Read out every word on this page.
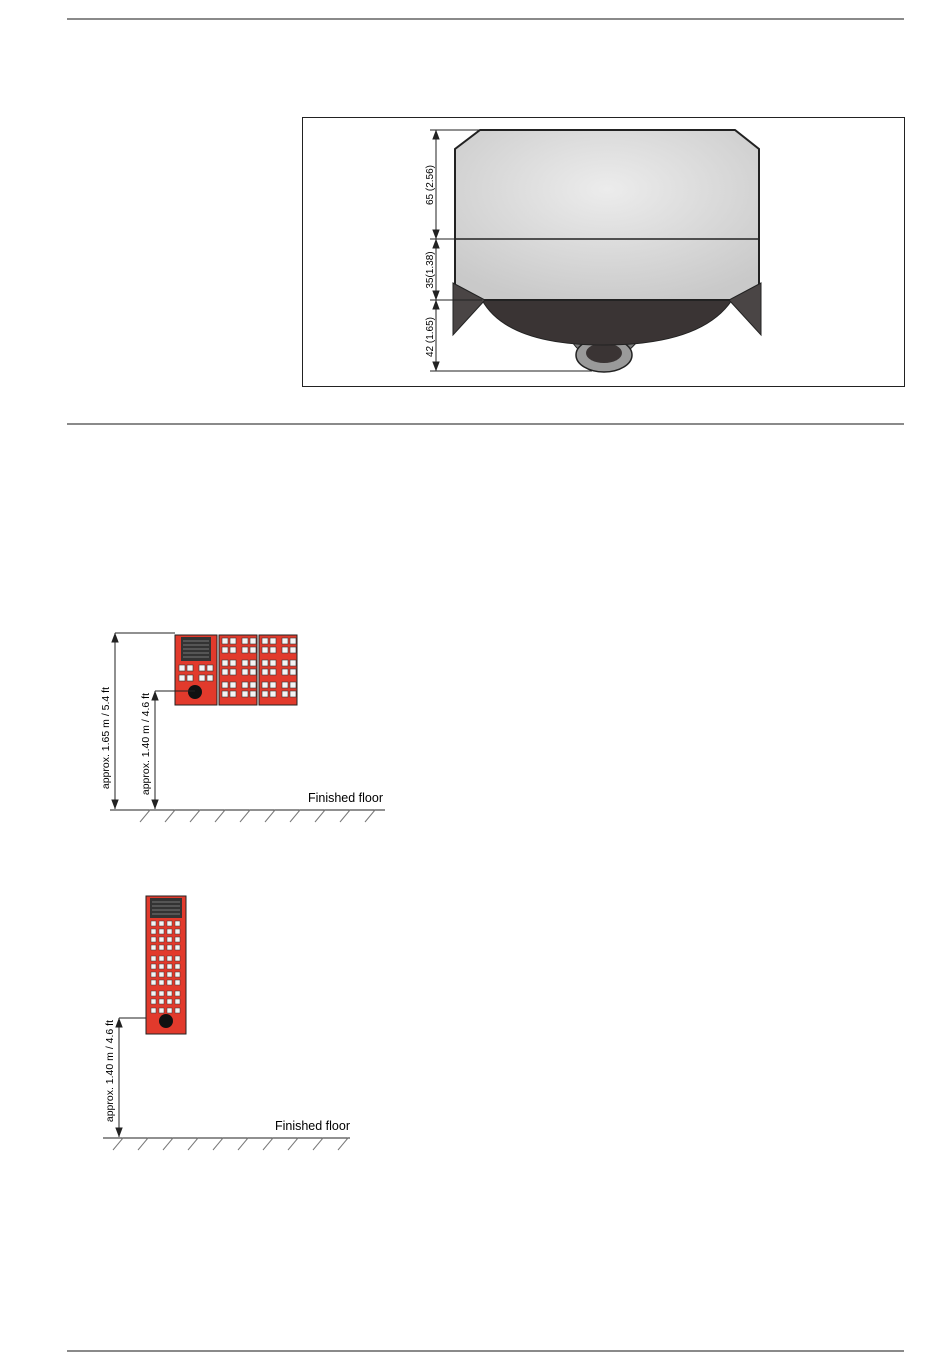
65 (2.56)
35(1.38)
42 (1.65)
approx. 1.65 m / 5.4 ft	approx. 1.40 m / 4.6 ft
Finished floor
approx. 1.40 m / 4.6 ft
Finished floor
